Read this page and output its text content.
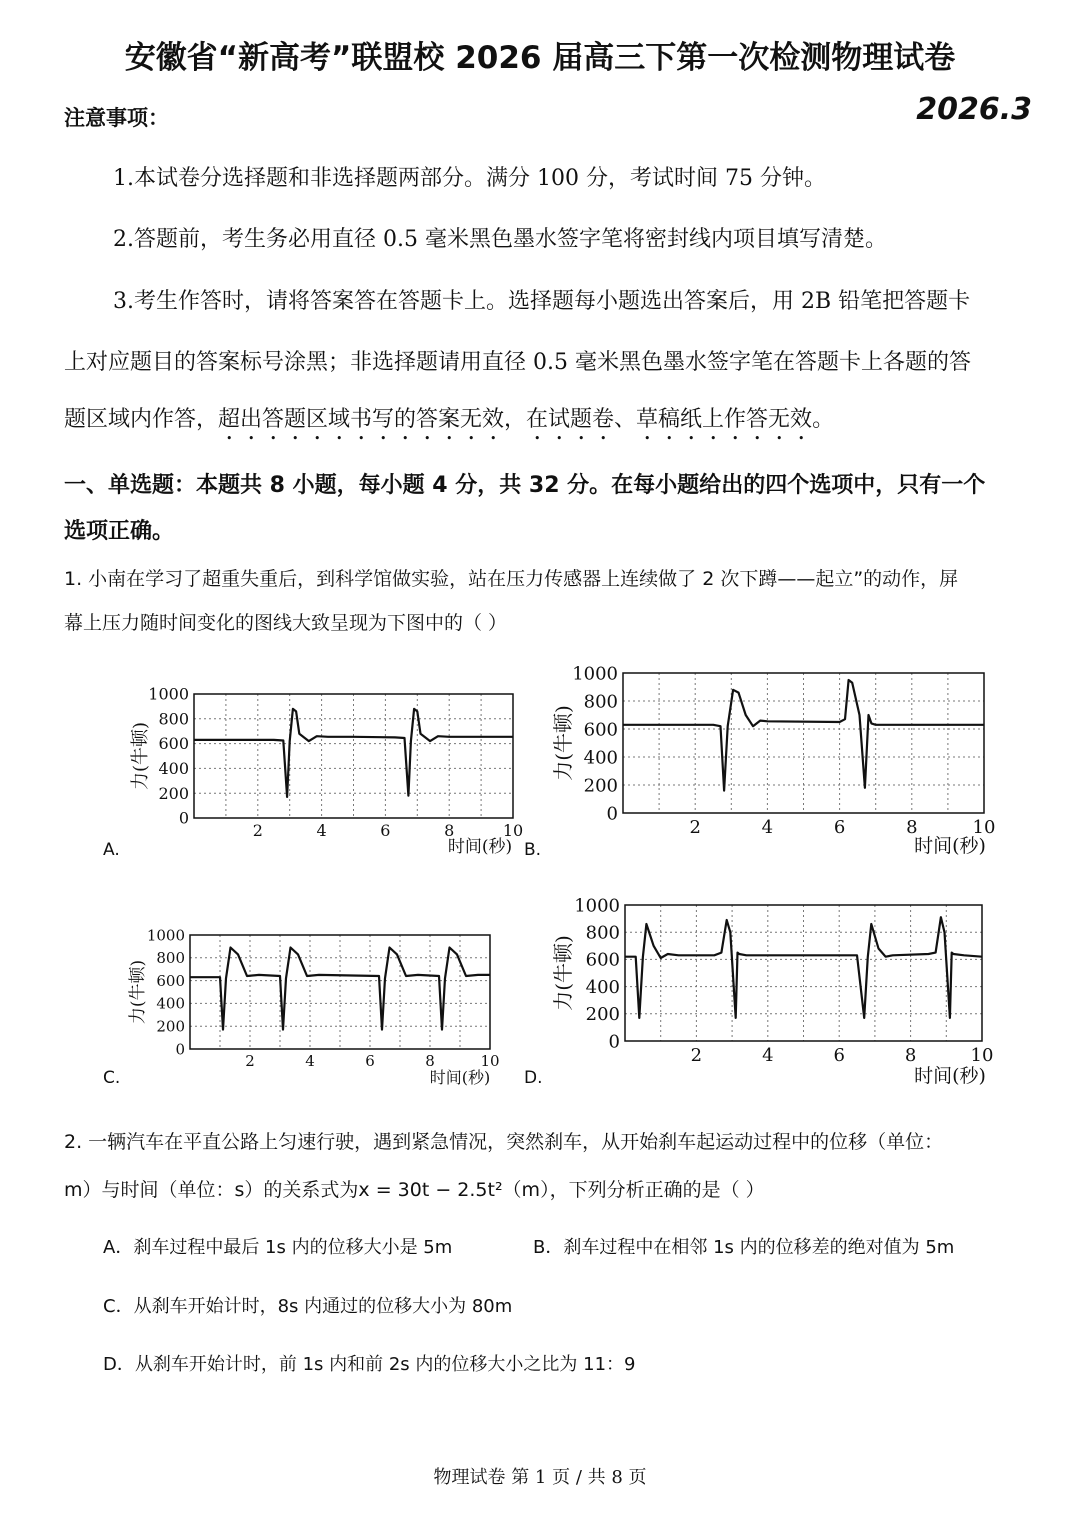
安徽省“新高考”联盟校 2026 届高三下第一次检测物理试卷
注意事项：	2026.3
1.本试卷分选择题和非选择题两部分。满分 100 分，考试时间 75 分钟。
2.答题前，考生务必用直径 0.5 毫米黑色墨水签字笔将密封线内项目填写清楚。
3.考生作答时，请将答案答在答题卡上。选择题每小题选出答案后，用 2B 铅笔把答题卡
上对应题目的答案标号涂黑；非选择题请用直径 0.5 毫米黑色墨水签字笔在答题卡上各题的答
题区域内作答，超出答题区域书写的答案无效，在试题卷、草稿纸上作答无效。
一、单选题：本题共 8 小题，每小题 4 分，共 32 分。在每小题给出的四个选项中，只有一个
选项正确。
1. 小南在学习了超重失重后，到科学馆做实验，站在压力传感器上连续做了 2 次下蹲——起立”的动作，屏
幕上压力随时间变化的图线大致呈现为下图中的（ ）
0
200
400
600
800
1000
2	4	6	8	10
力(牛顿)
时间(秒)
A.
0
200
400
600
800
1000
2	4	6	8	10
力(牛顿)
时间(秒)
B.
0
200
400
600
800
1000
2	4	6	8	10
力(牛顿)
时间(秒)
C.
0
200
400
600
800
1000
2	4	6	8	10
力(牛顿)
时间(秒)
D.
2. 一辆汽车在平直公路上匀速行驶，遇到紧急情况，突然刹车，从开始刹车起运动过程中的位移（单位：
m）与时间（单位：s）的关系式为x = 30t − 2.5t²（m），下列分析正确的是（ ）
A．刹车过程中最后 1s 内的位移大小是 5m	B．刹车过程中在相邻 1s 内的位移差的绝对值为 5m
C．从刹车开始计时，8s 内通过的位移大小为 80m
D．从刹车开始计时，前 1s 内和前 2s 内的位移大小之比为 11：9
物理试卷 第 1 页 / 共 8 页
